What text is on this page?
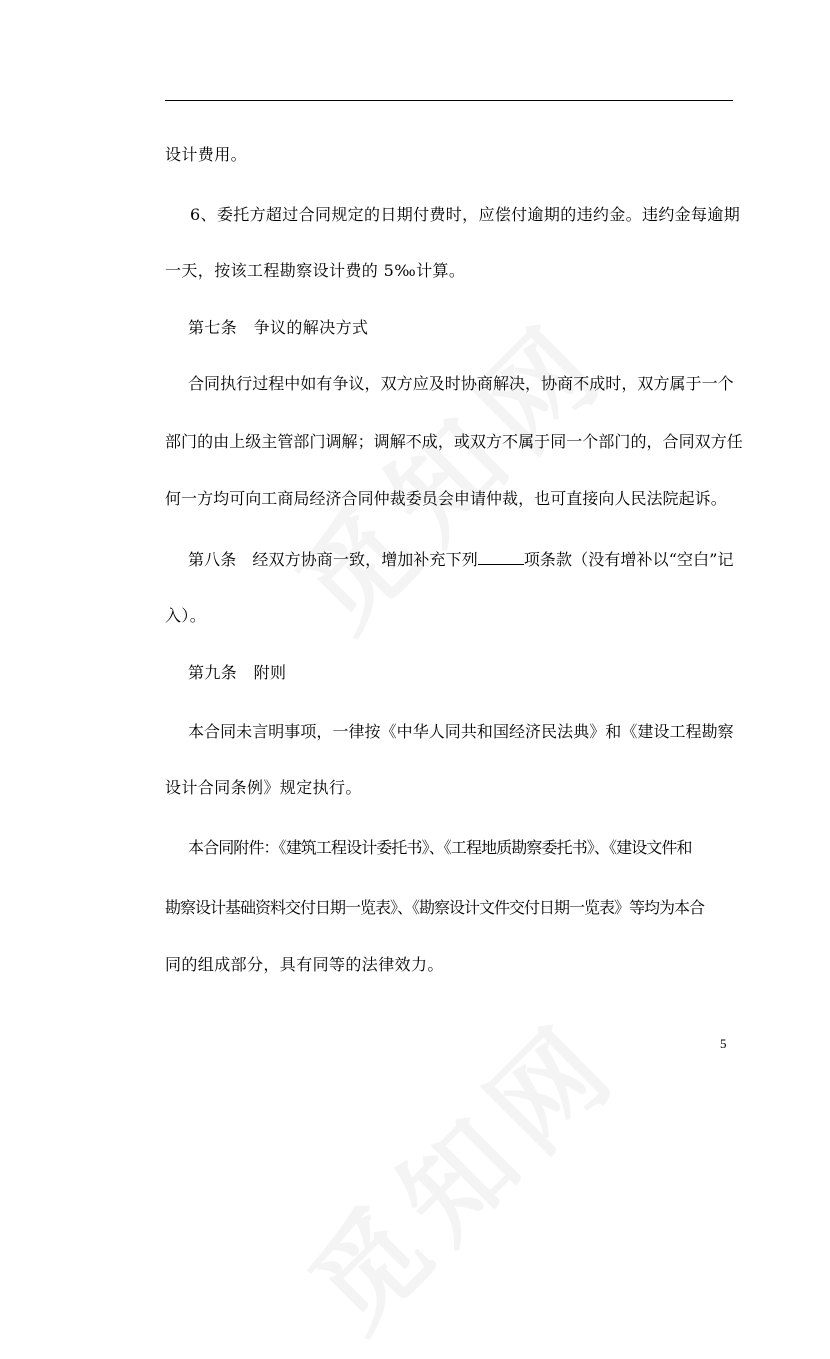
设计费用。
6、委托方超过合同规定的日期付费时，应偿付逾期的违约金。违约金每逾期
一天，按该工程勘察设计费的 5‰计算。
第七条　争议的解决方式
合同执行过程中如有争议，双方应及时协商解决，协商不成时，双方属于一个
部门的由上级主管部门调解；调解不成，或双方不属于同一个部门的，合同双方任
何一方均可向工商局经济合同仲裁委员会申请仲裁，也可直接向人民法院起诉。
第八条　经双方协商一致，增加补充下列	项条款（没有增补以“空白”记
入）。
第九条　附则
本合同未言明事项，一律按《中华人同共和国经济民法典》和《建设工程勘察
设计合同条例》规定执行。
本合同附件：《建筑工程设计委托书》、《工程地质勘察委托书》、《建设文件和
勘察设计基础资料交付日期一览表》、《勘察设计文件交付日期一览表》等均为本合
同的组成部分，具有同等的法律效力。
5
